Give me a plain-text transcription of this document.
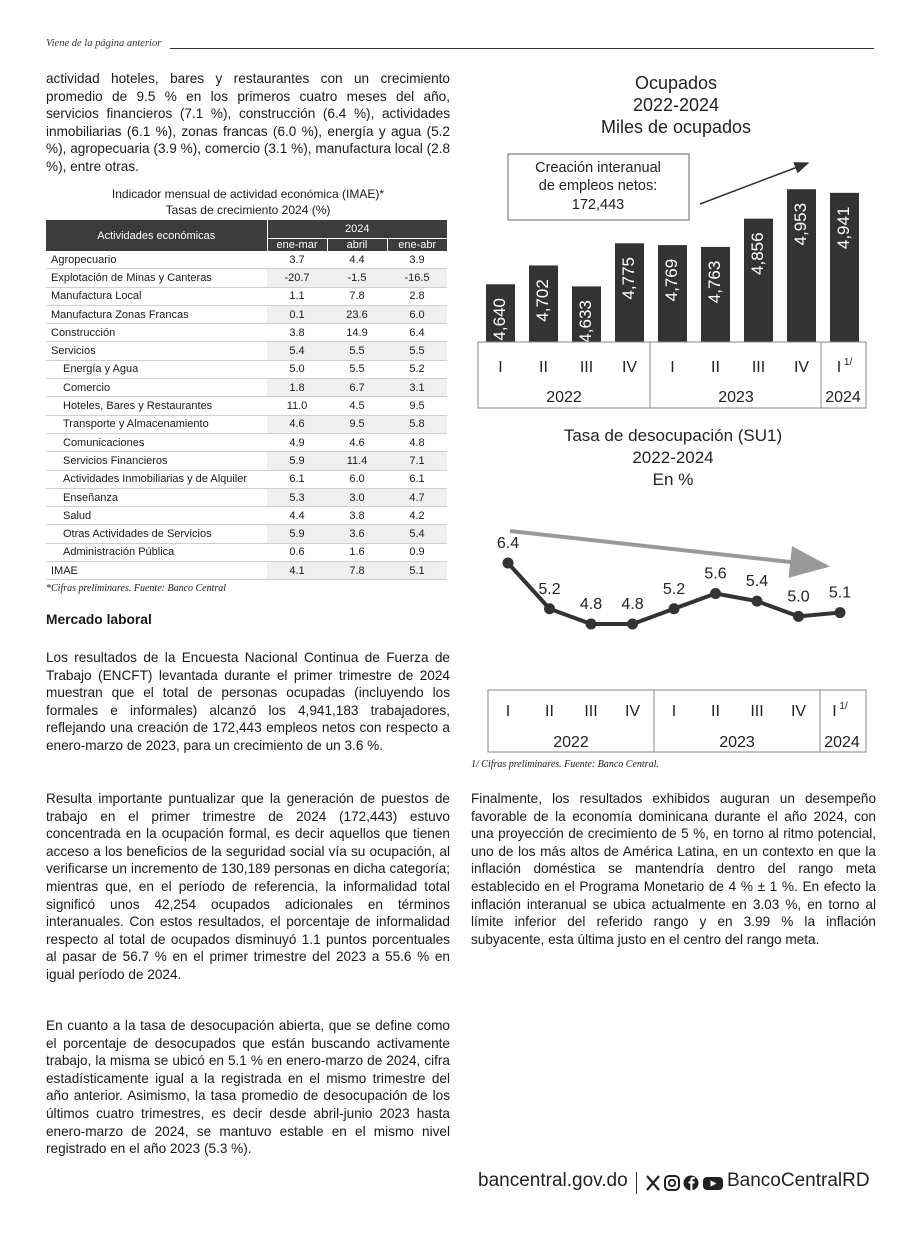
Viene de la página anterior

actividad hoteles, bares y restaurantes con un crecimiento promedio de 9.5 % en los primeros cuatro meses del año, servicios financieros (7.1 %), construcción (6.4 %), actividades inmobiliarias (6.1 %), zonas francas (6.0 %), energía y agua (5.2 %), agropecuaria (3.9 %), comercio (3.1 %), manufactura local (2.8 %), entre otras.

Indicador mensual de actividad económica (IMAE)*
Tasas de crecimiento 2024 (%)
Actividades económicas	2024		
	ene-mar	abril	ene-abr
Agropecuario	3.7	4.4	3.9
Explotación de Minas y Canteras	-20.7	-1.5	-16.5
Manufactura Local	1.1	7.8	2.8
Manufactura Zonas Francas	0.1	23.6	6.0
Construcción	3.8	14.9	6.4
Servicios	5.4	5.5	5.5
Energía y Agua	5.0	5.5	5.2
Comercio	1.8	6.7	3.1
Hoteles, Bares y Restaurantes	11.0	4.5	9.5
Transporte y Almacenamiento	4.6	9.5	5.8
Comunicaciones	4.9	4.6	4.8
Servicios Financieros	5.9	11.4	7.1
Actividades Inmobiliarias y de Alquiler	6.1	6.0	6.1
Enseñanza	5.3	3.0	4.7
Salud	4.4	3.8	4.2
Otras Actividades de Servicios	5.9	3.6	5.4
Administración Pública	0.6	1.6	0.9
IMAE	4.1	7.8	5.1
*Cifras preliminares. Fuente: Banco Central
Mercado laboral

Los resultados de la Encuesta Nacional Continua de Fuerza de Trabajo (ENCFT) levantada durante el primer trimestre de 2024 muestran que el total de personas ocupadas (incluyendo los formales e informales) alcanzó los 4,941,183 trabajadores, reflejando una creación de 172,443 empleos netos con respecto a enero-marzo de 2023, para un crecimiento de un 3.6 %.

Resulta importante puntualizar que la generación de puestos de trabajo en el primer trimestre de 2024 (172,443) estuvo concentrada en la ocupación formal, es decir aquellos que tienen acceso a los beneficios de la seguridad social vía su ocupación, al verificarse un incremento de 130,189 personas en dicha categoría; mientras que, en el período de referencia, la informalidad total significó unos 42,254 ocupados adicionales en términos interanuales. Con estos resultados, el porcentaje de informalidad respecto al total de ocupados disminuyó 1.1 puntos porcentuales al pasar de 56.7 % en el primer trimestre del 2023 a 55.6 % en igual período de 2024.

En cuanto a la tasa de desocupación abierta, que se define como el porcentaje de desocupados que están buscando activamente trabajo, la misma se ubicó en 5.1 % en enero-marzo de 2024, cifra estadísticamente igual a la registrada en el mismo trimestre del año anterior. Asimismo, la tasa promedio de desocupación de los últimos cuatro trimestres, es decir desde abril-junio 2023 hasta enero-marzo de 2024, se mantuvo estable en el mismo nivel registrado en el año 2023 (5.3 %).

Ocupados
2022-2024
Miles de ocupados
Creación interanual
de empleos netos:
172,443
4,640 4,702 4,633
4,775 4,769 4,763
4,856
4,953 4,941
I II III IV I II III IV I $^{1/}$
2022	2023	2024
Tasa de desocupación (SU1)
2022-2024
En %
6.4
5.2
4.8 4.8
5.2
5.6 5.4
5.0 5.1
I II III IV I II III IV I $^{1/}$
2022	2023	2024
1/ Cifras preliminares. Fuente: Banco Central.

Finalmente, los resultados exhibidos auguran un desempeño favorable de la economía dominicana durante el año 2024, con una proyección de crecimiento de 5 %, en torno al ritmo potencial, uno de los más altos de América Latina, en un contexto en que la inflación doméstica se mantendría dentro del rango meta establecido en el Programa Monetario de 4 % ± 1 %. En efecto la inflación interanual se ubica actualmente en 3.03 %, en torno al límite inferior del referido rango y en 3.99 % la inflación subyacente, esta última justo en el centro del rango meta.

bancentral.gov.do	BancoCentralRD
